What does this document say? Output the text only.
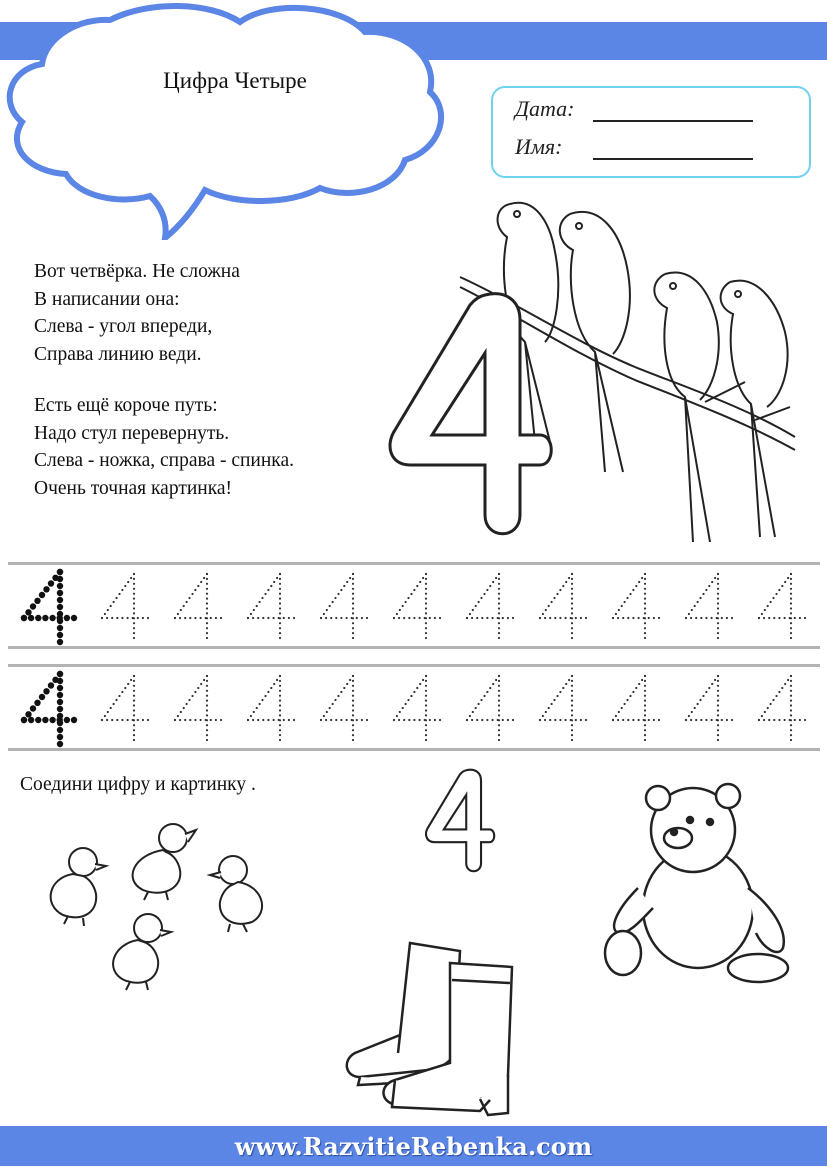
Цифра Четыре
Дата:
Имя:
Вот четвёрка. Не сложна
В написании она:
Слева - угол впереди,
Справа линию веди.
Есть ещё короче путь:
Надо стул перевернуть.
Слева - ножка, справа - спинка.
Очень точная картинка!
Соедини цифру и картинку .
www.RazvitieRebenka.com
